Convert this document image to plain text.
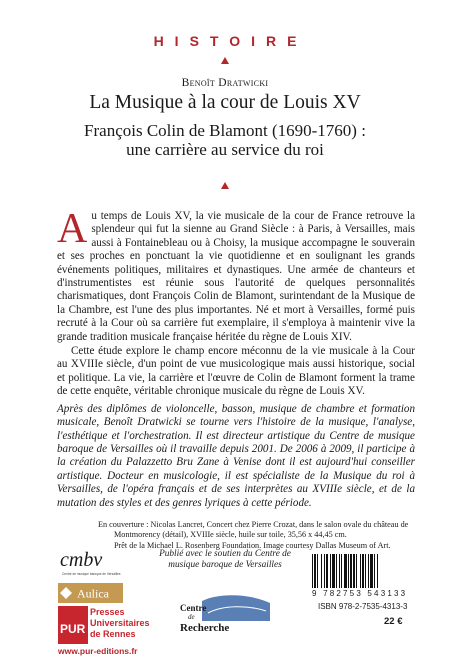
HISTOIRE
Benoît Dratwicki
La Musique à la cour de Louis XV
François Colin de Blamont (1690-1760) :
une carrière au service du roi

Au temps de Louis XV, la vie musicale de la cour de France retrouve la splendeur qui fut la sienne au Grand Siècle : à Paris, à Versailles, mais aussi à Fontainebleau ou à Choisy, la musique accompagne le souverain et ses proches en ponctuant la vie quotidienne et en soulignant les grands événements politiques, militaires et dynastiques. Une armée de chanteurs et d'instrumentistes est réunie sous l'autorité de quelques personnalités charismatiques, dont François Colin de Blamont, surintendant de la Musique de la Chambre, est l'une des plus importantes. Né et mort à Versailles, formé puis recruté à la Cour où sa carrière fut exemplaire, il s'employa à maintenir vive la grande tradition musicale française héritée du règne de Louis XIV.

Cette étude explore le champ encore méconnu de la vie musicale à la Cour au XVIIIe siècle, d'un point de vue musicologique mais aussi historique, social et politique. La vie, la carrière et l'œuvre de Colin de Blamont forment la trame de cette enquête, véritable chronique musicale du règne de Louis XV.

Après des diplômes de violoncelle, basson, musique de chambre et formation musicale, Benoît Dratwicki se tourne vers l'histoire de la musique, l'analyse, l'esthétique et l'orchestration. Il est directeur artistique du Centre de musique baroque de Versailles où il travaille depuis 2001. De 2006 à 2009, il participe à la création du Palazzetto Bru Zane à Venise dont il est aujourd'hui conseiller artistique. Docteur en musicologie, il est spécialiste de la Musique du roi à Versailles, de l'opéra français et de ses interprètes au XVIIIe siècle, et de la mutation des styles et des genres lyriques à cette période.

En couverture : Nicolas Lancret, Concert chez Pierre Crozat, dans le salon ovale du château de Montmorency (détail), XVIIIe siècle, huile sur toile, 35,56 x 44,45 cm.
Prêt de la Michael L. Rosenberg Foundation. Image courtesy Dallas Museum of Art.
cmbv
Centre de musique baroque de Versailles
Aulica
PUR
Presses
Universitaires
de Rennes
www.pur-editions.fr
Publié avec le soutien du Centre de musique baroque de Versailles
Centre
de
Recherche
9 782753 543133
ISBN 978-2-7535-4313-3
22 €
